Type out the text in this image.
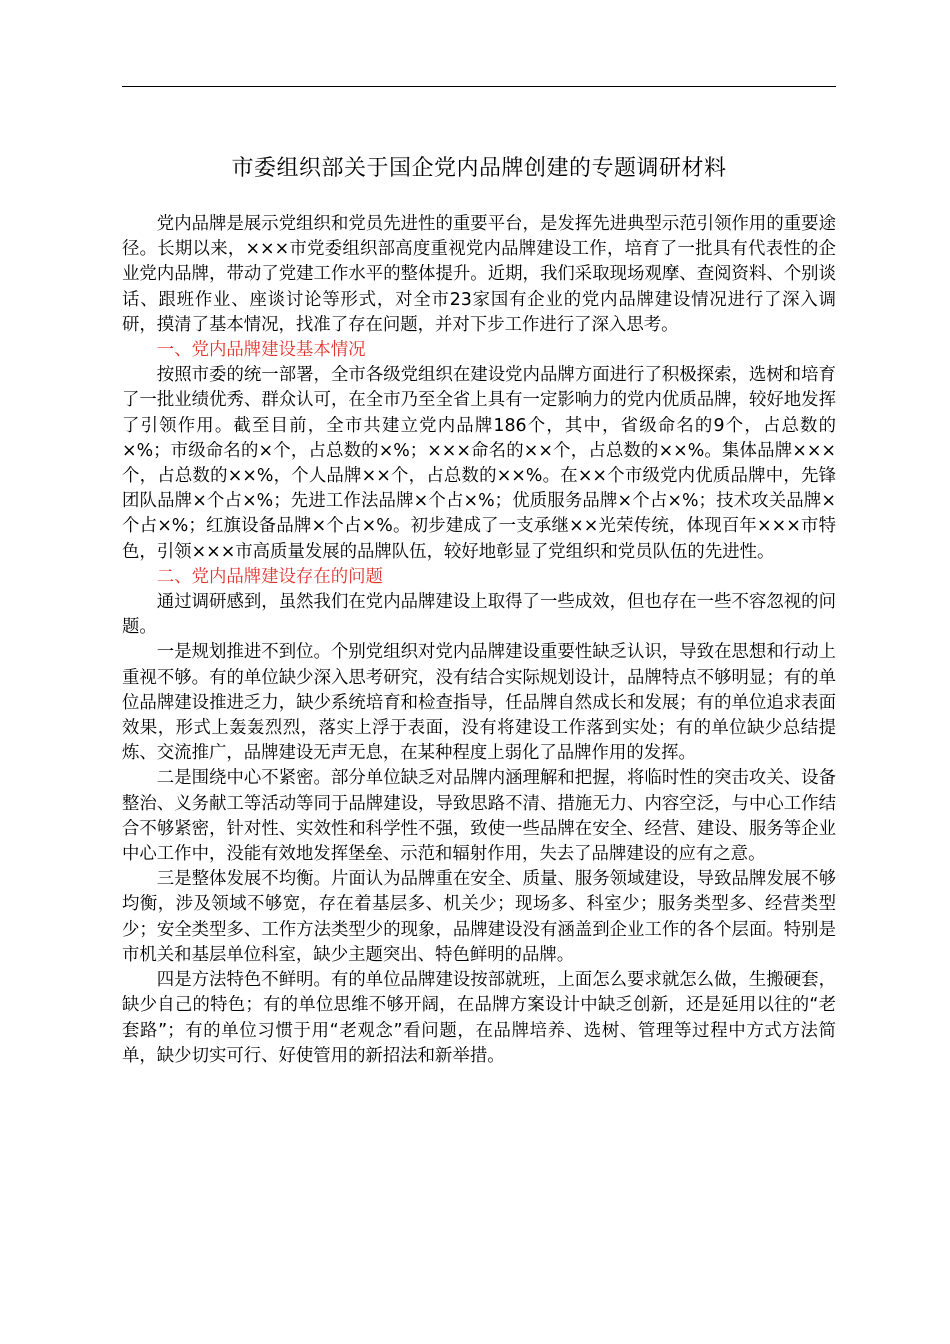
市委组织部关于国企党内品牌创建的专题调研材料

党内品牌是展示党组织和党员先进性的重要平台，是发挥先进典型示范引领作用的重要途径。长期以来，×××市党委组织部高度重视党内品牌建设工作，培育了一批具有代表性的企业党内品牌，带动了党建工作水平的整体提升。近期，我们采取现场观摩、查阅资料、个别谈话、跟班作业、座谈讨论等形式，对全市23家国有企业的党内品牌建设情况进行了深入调研，摸清了基本情况，找准了存在问题，并对下步工作进行了深入思考。

一、党内品牌建设基本情况

按照市委的统一部署，全市各级党组织在建设党内品牌方面进行了积极探索，选树和培育了一批业绩优秀、群众认可，在全市乃至全省上具有一定影响力的党内优质品牌，较好地发挥了引领作用。截至目前，全市共建立党内品牌186个，其中，省级命名的9个，占总数的×%；市级命名的×个，占总数的×%；×××命名的××个，占总数的××%。集体品牌×××个，占总数的××%，个人品牌××个，占总数的××%。在××个市级党内优质品牌中，先锋团队品牌×个占×%；先进工作法品牌×个占×%；优质服务品牌×个占×%；技术攻关品牌×个占×%；红旗设备品牌×个占×%。初步建成了一支承继××光荣传统，体现百年×××市特色，引领×××市高质量发展的品牌队伍，较好地彰显了党组织和党员队伍的先进性。

二、党内品牌建设存在的问题

通过调研感到，虽然我们在党内品牌建设上取得了一些成效，但也存在一些不容忽视的问题。

一是规划推进不到位。个别党组织对党内品牌建设重要性缺乏认识，导致在思想和行动上重视不够。有的单位缺少深入思考研究，没有结合实际规划设计，品牌特点不够明显；有的单位品牌建设推进乏力，缺少系统培育和检查指导，任品牌自然成长和发展；有的单位追求表面效果，形式上轰轰烈烈，落实上浮于表面，没有将建设工作落到实处；有的单位缺少总结提炼、交流推广，品牌建设无声无息，在某种程度上弱化了品牌作用的发挥。

二是围绕中心不紧密。部分单位缺乏对品牌内涵理解和把握，将临时性的突击攻关、设备整治、义务献工等活动等同于品牌建设，导致思路不清、措施无力、内容空泛，与中心工作结合不够紧密，针对性、实效性和科学性不强，致使一些品牌在安全、经营、建设、服务等企业中心工作中，没能有效地发挥堡垒、示范和辐射作用，失去了品牌建设的应有之意。

三是整体发展不均衡。片面认为品牌重在安全、质量、服务领域建设，导致品牌发展不够均衡，涉及领域不够宽，存在着基层多、机关少；现场多、科室少；服务类型多、经营类型少；安全类型多、工作方法类型少的现象，品牌建设没有涵盖到企业工作的各个层面。特别是市机关和基层单位科室，缺少主题突出、特色鲜明的品牌。

四是方法特色不鲜明。有的单位品牌建设按部就班，上面怎么要求就怎么做，生搬硬套，缺少自己的特色；有的单位思维不够开阔，在品牌方案设计中缺乏创新，还是延用以往的“老套路”；有的单位习惯于用“老观念”看问题，在品牌培养、选树、管理等过程中方式方法简单，缺少切实可行、好使管用的新招法和新举措。
